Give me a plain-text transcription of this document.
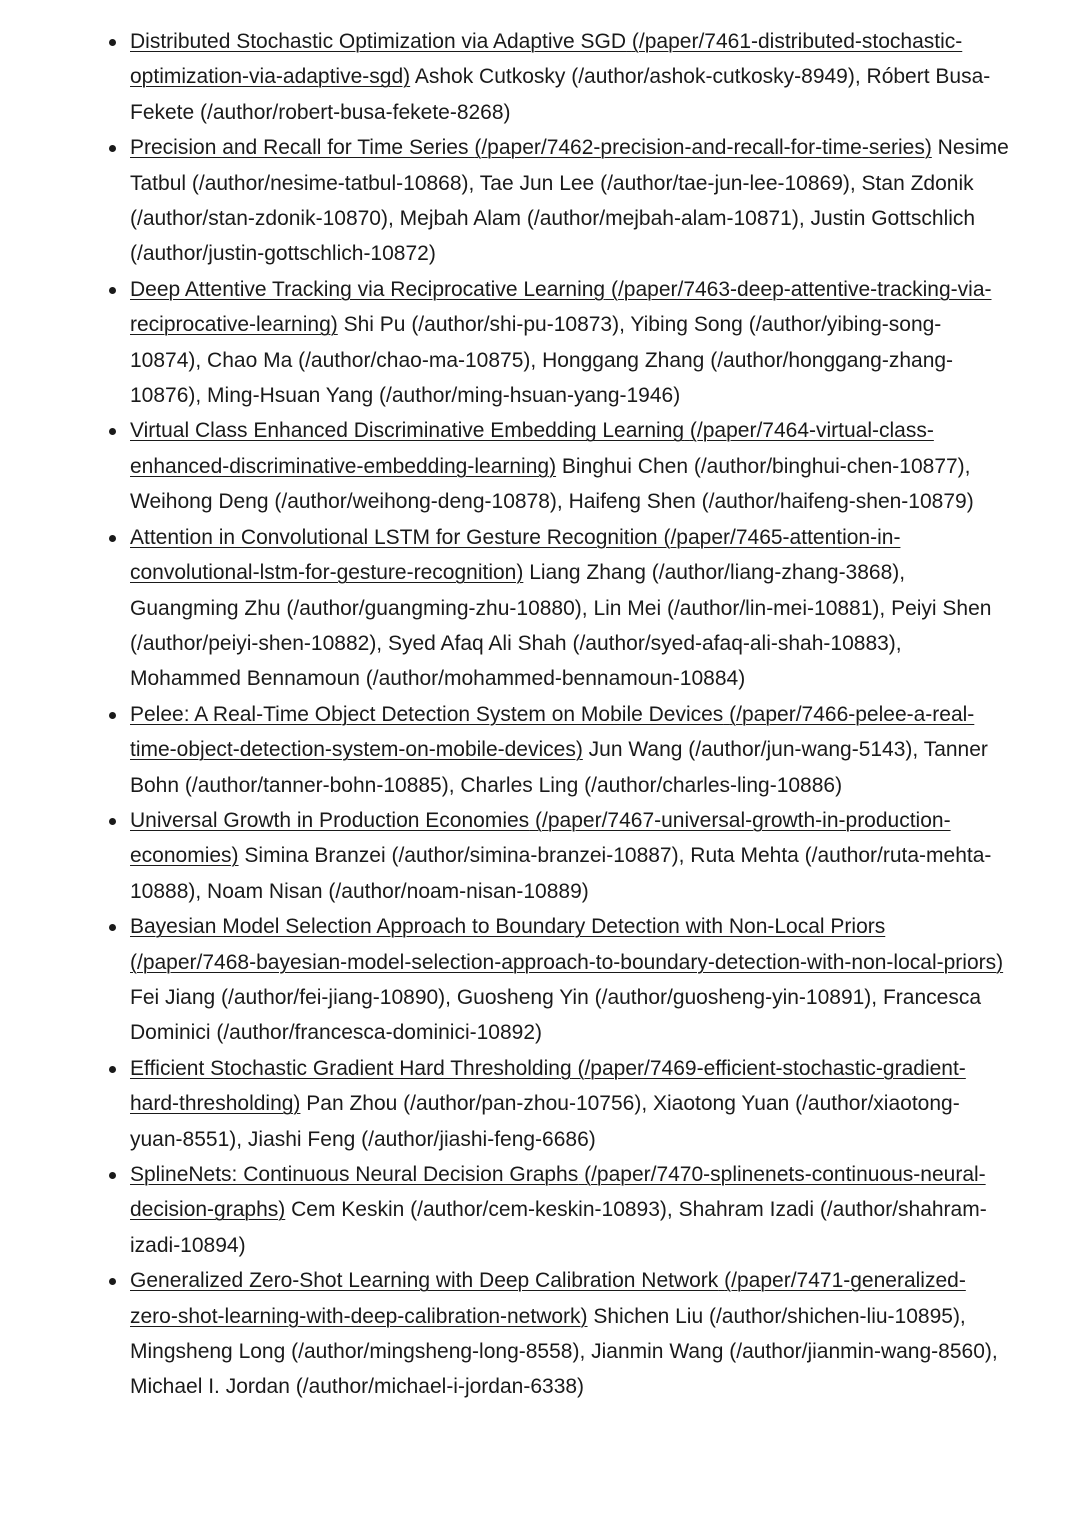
Distributed Stochastic Optimization via Adaptive SGD (/paper/7461-distributed-stochastic-optimization-via-adaptive-sgd) Ashok Cutkosky (/author/ashok-cutkosky-8949), Róbert Busa-Fekete (/author/robert-busa-fekete-8268)
Precision and Recall for Time Series (/paper/7462-precision-and-recall-for-time-series) Nesime Tatbul (/author/nesime-tatbul-10868), Tae Jun Lee (/author/tae-jun-lee-10869), Stan Zdonik (/author/stan-zdonik-10870), Mejbah Alam (/author/mejbah-alam-10871), Justin Gottschlich (/author/justin-gottschlich-10872)
Deep Attentive Tracking via Reciprocative Learning (/paper/7463-deep-attentive-tracking-via-reciprocative-learning) Shi Pu (/author/shi-pu-10873), Yibing Song (/author/yibing-song-10874), Chao Ma (/author/chao-ma-10875), Honggang Zhang (/author/honggang-zhang-10876), Ming-Hsuan Yang (/author/ming-hsuan-yang-1946)
Virtual Class Enhanced Discriminative Embedding Learning (/paper/7464-virtual-class-enhanced-discriminative-embedding-learning) Binghui Chen (/author/binghui-chen-10877), Weihong Deng (/author/weihong-deng-10878), Haifeng Shen (/author/haifeng-shen-10879)
Attention in Convolutional LSTM for Gesture Recognition (/paper/7465-attention-in-convolutional-lstm-for-gesture-recognition) Liang Zhang (/author/liang-zhang-3868), Guangming Zhu (/author/guangming-zhu-10880), Lin Mei (/author/lin-mei-10881), Peiyi Shen (/author/peiyi-shen-10882), Syed Afaq Ali Shah (/author/syed-afaq-ali-shah-10883), Mohammed Bennamoun (/author/mohammed-bennamoun-10884)
Pelee: A Real-Time Object Detection System on Mobile Devices (/paper/7466-pelee-a-real-time-object-detection-system-on-mobile-devices) Jun Wang (/author/jun-wang-5143), Tanner Bohn (/author/tanner-bohn-10885), Charles Ling (/author/charles-ling-10886)
Universal Growth in Production Economies (/paper/7467-universal-growth-in-production-economies) Simina Branzei (/author/simina-branzei-10887), Ruta Mehta (/author/ruta-mehta-10888), Noam Nisan (/author/noam-nisan-10889)
Bayesian Model Selection Approach to Boundary Detection with Non-Local Priors (/paper/7468-bayesian-model-selection-approach-to-boundary-detection-with-non-local-priors) Fei Jiang (/author/fei-jiang-10890), Guosheng Yin (/author/guosheng-yin-10891), Francesca Dominici (/author/francesca-dominici-10892)
Efficient Stochastic Gradient Hard Thresholding (/paper/7469-efficient-stochastic-gradient-hard-thresholding) Pan Zhou (/author/pan-zhou-10756), Xiaotong Yuan (/author/xiaotong-yuan-8551), Jiashi Feng (/author/jiashi-feng-6686)
SplineNets: Continuous Neural Decision Graphs (/paper/7470-splinenets-continuous-neural-decision-graphs) Cem Keskin (/author/cem-keskin-10893), Shahram Izadi (/author/shahram-izadi-10894)
Generalized Zero-Shot Learning with Deep Calibration Network (/paper/7471-generalized-zero-shot-learning-with-deep-calibration-network) Shichen Liu (/author/shichen-liu-10895), Mingsheng Long (/author/mingsheng-long-8558), Jianmin Wang (/author/jianmin-wang-8560), Michael I. Jordan (/author/michael-i-jordan-6338)
